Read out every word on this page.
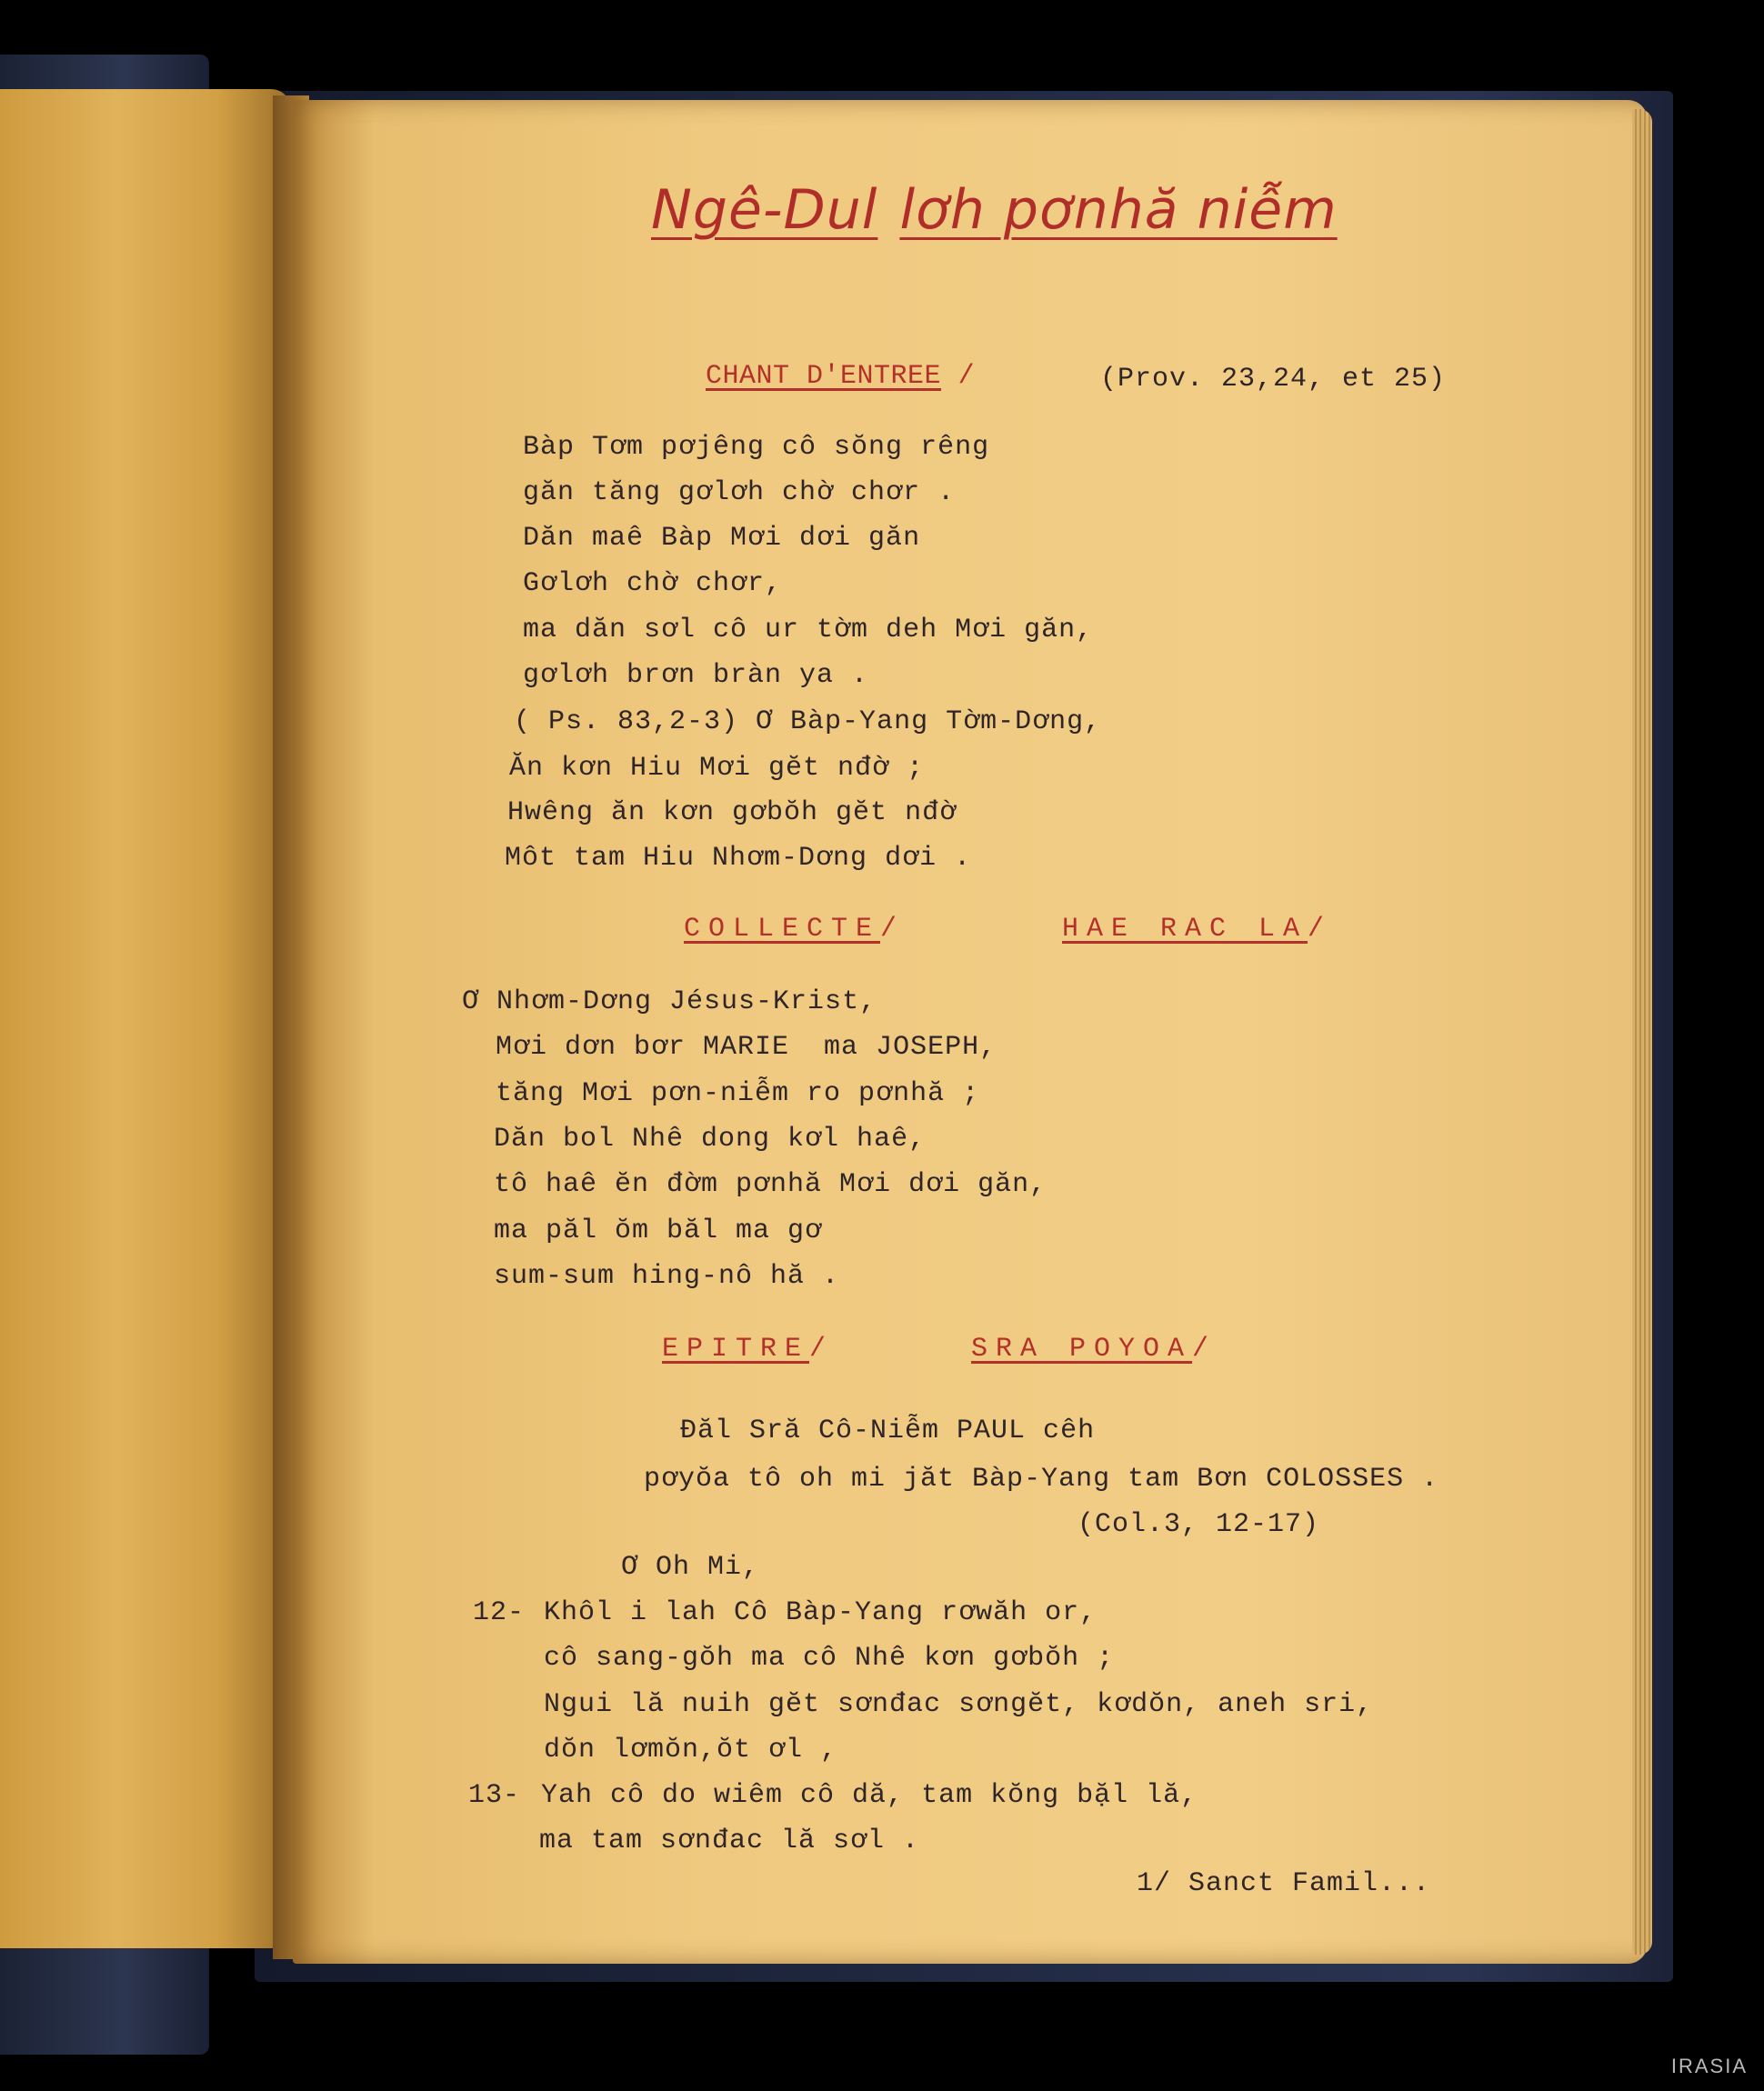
Ngê-Dul lơh pơnhă niễm
CHANT D'ENTREE /	(Prov. 23,24, et 25)
Bàp Tơm pơjêng cô sŏng rêng
găn tăng gơlơh chờ chơr .
Dăn maê Bàp Mơi dơi găn
Gơlơh chờ chơr,
ma dăn sơl cô ur tờm deh Mơi găn,
gơlơh brơn bràn ya .
( Ps. 83,2-3) Ơ Bàp-Yang Tờm-Dơng,
Ăn kơn Hiu Mơi gĕt nđờ ;
Hwêng ăn kơn gơbŏh gĕt nđờ
Môt tam Hiu Nhơm-Dơng dơi .
COLLECTE/	HAE RAC LA/
Ơ Nhơm-Dơng Jésus-Krist,
Mơi dơn bơr MARIE  ma JOSEPH,
tăng Mơi pơn-niễm ro pơnhă ;
Dăn bol Nhê dong kơl haê,
tô haê ĕn đờm pơnhă Mơi dơi găn,
ma păl ŏm băl ma gơ
sum-sum hing-nô hă .
EPITRE/	SRA POYOA/
Đăl Sră Cô-Niễm PAUL cêh
pơyŏa tô oh mi jăt Bàp-Yang tam Bơn COLOSSES .
(Col.3, 12-17)
Ơ Oh Mi,
12- Khôl i lah Cô Bàp-Yang rơwăh or,
cô sang-gŏh ma cô Nhê kơn gơbŏh ;
Ngui lă nuih gĕt sơnđac sơngĕt, kơdŏn, aneh sri,
dŏn lơmŏn,ŏt ơl ,
13- Yah cô do wiêm cô dă, tam kŏng bặl lă,
ma tam sơnđac lă sơl .
1/ Sanct Famil...
IRASIA
